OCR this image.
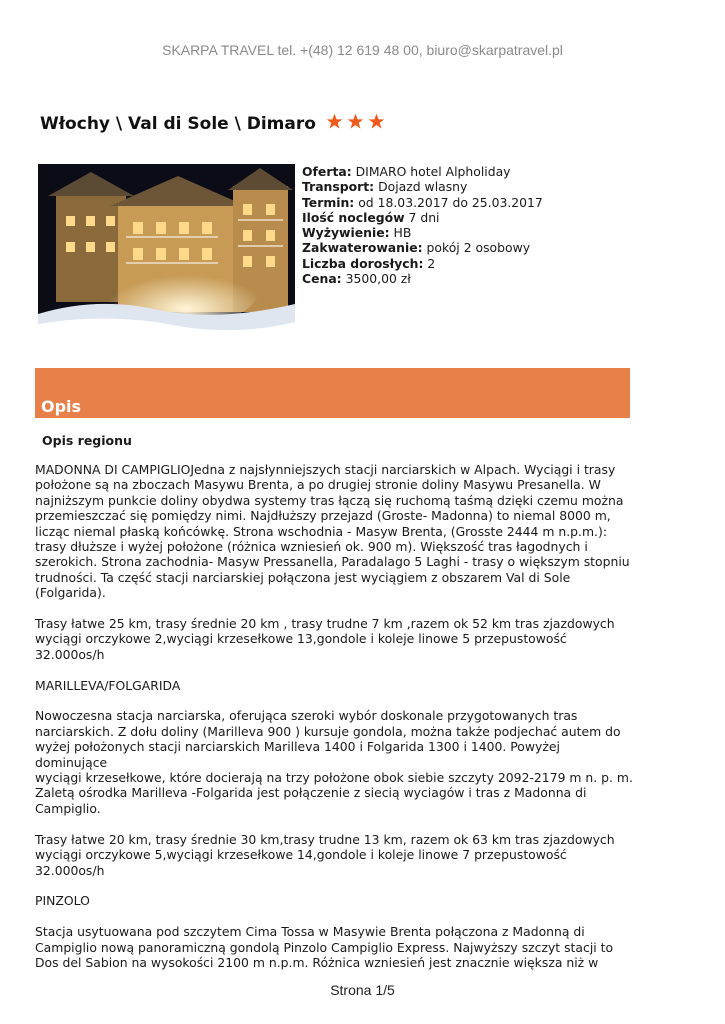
SKARPA TRAVEL tel. +(48) 12 619 48 00, biuro@skarpatravel.pl
Włochy \ Val di Sole \ Dimaro
Oferta: DIMARO hotel Alpholiday
Transport: Dojazd wlasny
Termin: od 18.03.2017 do 25.03.2017
Ilość noclegów 7 dni
Wyżywienie: HB
Zakwaterowanie: pokój 2 osobowy
Liczba dorosłych: 2
Cena: 3500,00 zł
Opis
Opis regionu

MADONNA DI CAMPIGLIOJedna z najsłynniejszych stacji narciarskich w Alpach. Wyciągi i trasy
położone są na zboczach Masywu Brenta, a po drugiej stronie doliny Masywu Presanella. W
najniższym punkcie doliny obydwa systemy tras łączą się ruchomą taśmą dzięki czemu można
przemieszczać się pomiędzy nimi. Najdłuższy przejazd (Groste- Madonna) to niemal 8000 m,
licząc niemal płaską końcówkę. Strona wschodnia - Masyw Brenta, (Grosste 2444 m n.p.m.):
trasy dłuższe i wyżej położone (różnica wzniesień ok. 900 m). Większość tras łagodnych i
szerokich. Strona zachodnia- Masyw Pressanella, Paradalago 5 Laghi - trasy o większym stopniu
trudności. Ta część stacji narciarskiej połączona jest wyciągiem z obszarem Val di Sole
(Folgarida).

Trasy łatwe 25 km, trasy średnie 20 km , trasy trudne 7 km ,razem ok 52 km tras zjazdowych
wyciągi orczykowe 2,wyciągi krzesełkowe 13,gondole i koleje linowe 5 przepustowość
32.000os/h

MARILLEVA/FOLGARIDA

Nowoczesna stacja narciarska, oferująca szeroki wybór doskonale przygotowanych tras
narciarskich. Z dołu doliny (Marilleva 900 ) kursuje gondola, można także podjechać autem do
wyżej położonych stacji narciarskich Marilleva 1400 i Folgarida 1300 i 1400. Powyżej dominujące
wyciągi krzesełkowe, które docierają na trzy położone obok siebie szczyty 2092-2179 m n. p. m.
Zaletą ośrodka Marilleva -Folgarida jest połączenie z siecią wyciagów i tras z Madonna di
Campiglio.

Trasy łatwe 20 km, trasy średnie 30 km,trasy trudne 13 km, razem ok 63 km tras zjazdowych
wyciągi orczykowe 5,wyciągi krzesełkowe 14,gondole i koleje linowe 7 przepustowość
32.000os/h

PINZOLO

Stacja usytuowana pod szczytem Cima Tossa w Masywie Brenta połączona z Madonną di
Campiglio nową panoramiczną gondolą Pinzolo Campiglio Express. Najwyższy szczyt stacji to
Dos del Sabion na wysokości 2100 m n.p.m. Różnica wzniesień jest znacznie większa niż w

Strona 1/5
